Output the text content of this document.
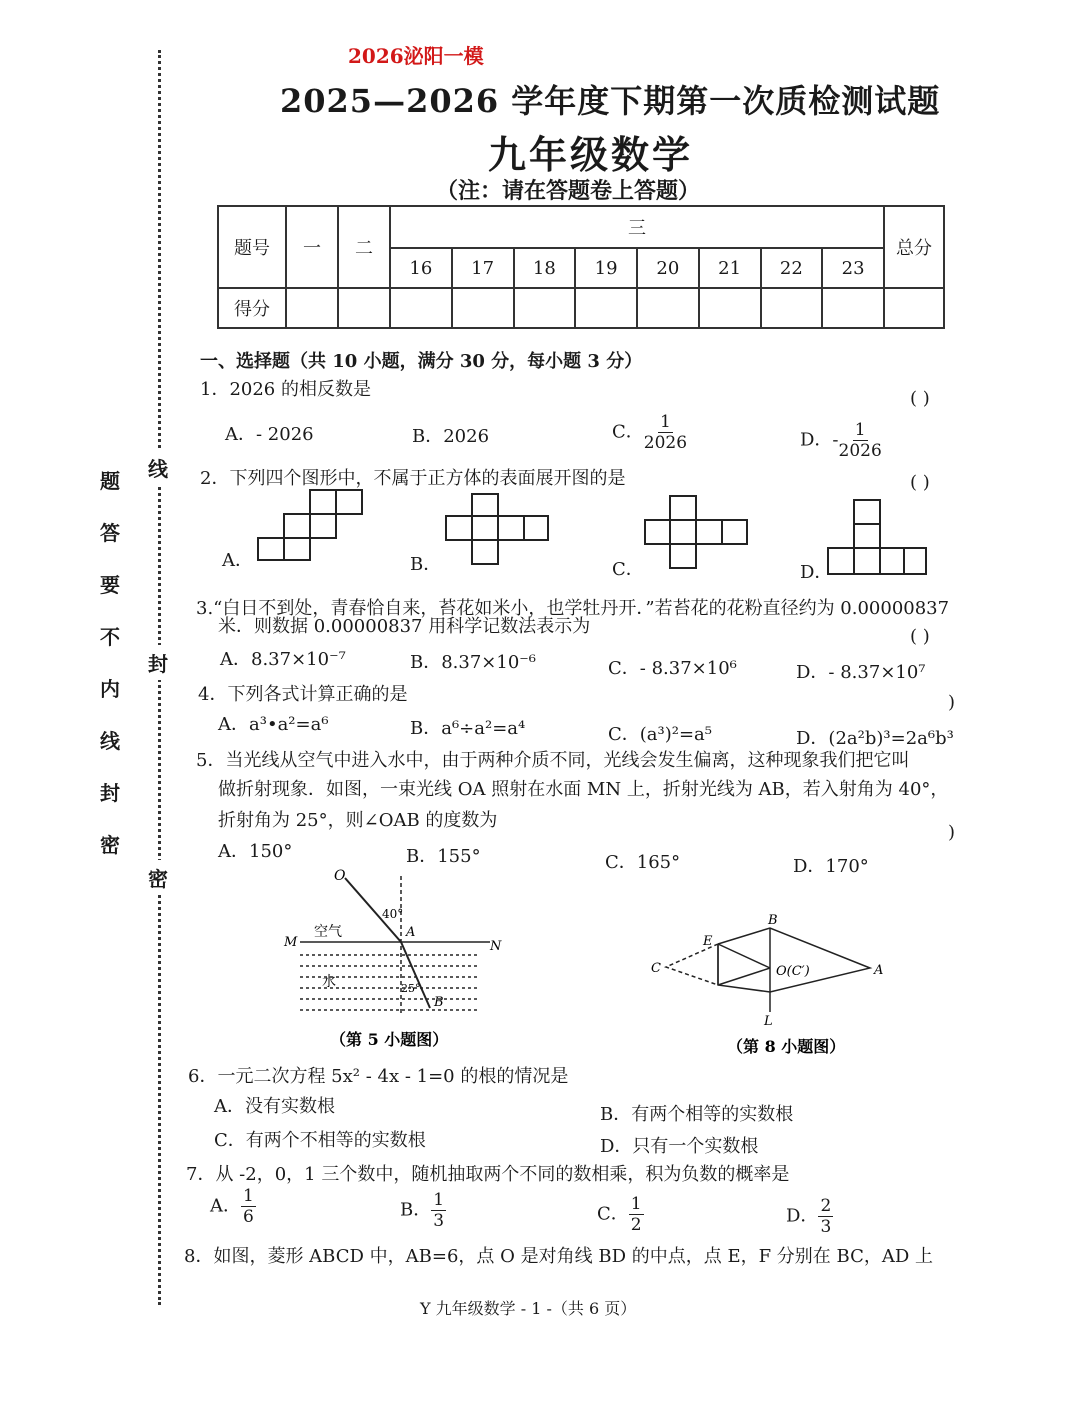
2026泌阳一模
2025—2026 学年度下期第一次质检测试题
九年级数学
（注：请在答题卷上答题）
线
封
密
题
答
要
不
内
线
封
密
题号	一	二	三								总分
			16	17	18	19	20	21	22	23	
得分											
一、选择题（共 10 小题，满分 30 分，每小题 3 分）
1．2026 的相反数是	( )
A．- 2026	B．2026	C． $\frac{1}{2026}$	D．- $\frac{1}{2026}$
2．下列四个图形中，不属于正方体的表面展开图的是	( )
A．	B．	C．	D．
3.“白日不到处，青春恰自来，苔花如米小，也学牡丹开．”若苔花的花粉直径约为 0.00000837
米．则数据 0.00000837 用科学记数法表示为	( )
A．8.37×10⁻⁷	B．8.37×10⁻⁶	C．- 8.37×10⁶	D．- 8.37×10⁷
4．下列各式计算正确的是	)
A．a³•a²=a⁶	B．a⁶÷a²=a⁴	C．(a³)²=a⁵	D．(2a²b)³=2a⁶b³
5．当光线从空气中进入水中，由于两种介质不同，光线会发生偏离，这种现象我们把它叫
做折射现象．如图，一束光线 OA 照射在水面 MN 上，折射光线为 AB，若入射角为 40°，
折射角为 25°，则∠OAB 的度数为
)
A．150°	B．155°	C．165°	D．170°
O
40°
空气	A
M	N
水	25°
B
（第 5 小题图）
B
E
C	O(C′)	A
L
（第 8 小题图）
6．一元二次方程 5x² - 4x - 1=0 的根的情况是
A．没有实数根	B．有两个相等的实数根
C．有两个不相等的实数根	D．只有一个实数根
7．从 -2，0，1 三个数中，随机抽取两个不同的数相乘，积为负数的概率是
A． $\frac{1}{6}$	B． $\frac{1}{3}$	C． $\frac{1}{2}$	D． $\frac{2}{3}$
8．如图，菱形 ABCD 中，AB=6，点 O 是对角线 BD 的中点，点 E，F 分别在 BC，AD 上
Y 九年级数学 - 1 -（共 6 页）
